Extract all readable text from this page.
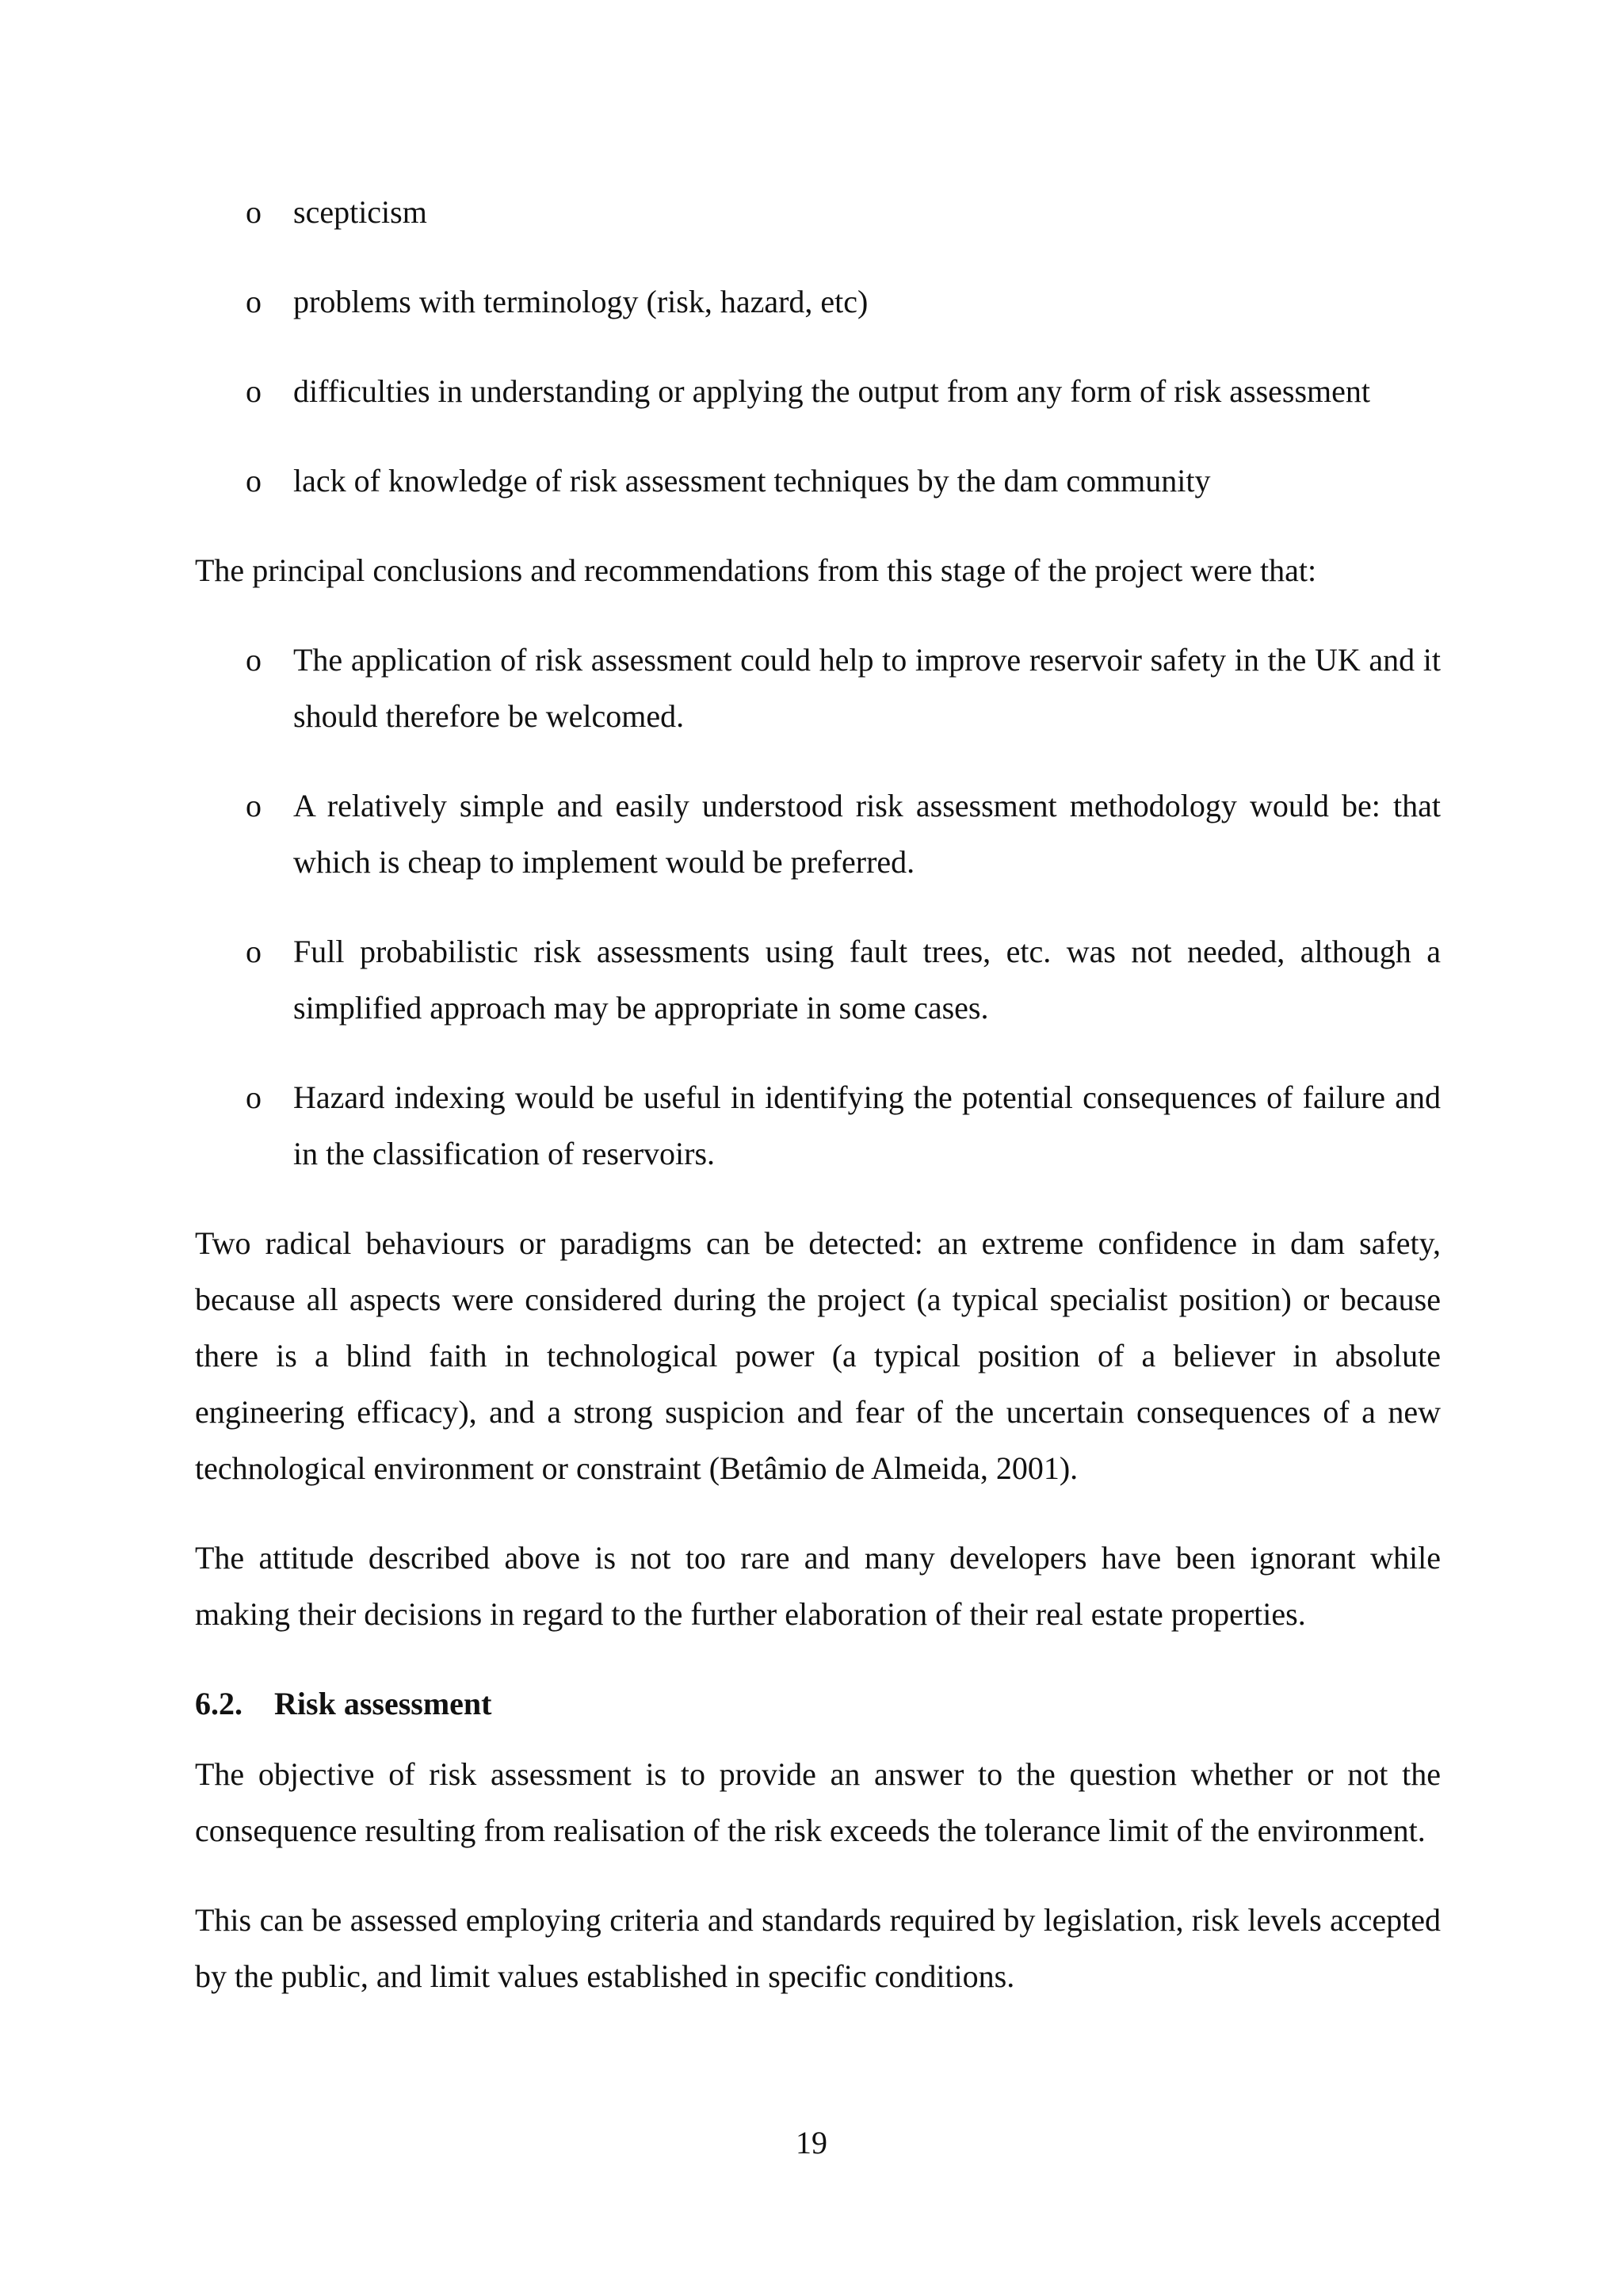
o scepticism
o problems with terminology (risk, hazard, etc)
o difficulties in understanding or applying the output from any form of risk assessment
o lack of knowledge of risk assessment techniques by the dam community

The principal conclusions and recommendations from this stage of the project were that:

o The application of risk assessment could help to improve reservoir safety in the UK and it should therefore be welcomed.
o A relatively simple and easily understood risk assessment methodology would be: that which is cheap to implement would be preferred.
o Full probabilistic risk assessments using fault trees, etc. was not needed, although a simplified approach may be appropriate in some cases.
o Hazard indexing would be useful in identifying the potential consequences of failure and in the classification of reservoirs.

Two radical behaviours or paradigms can be detected: an extreme confidence in dam safety, because all aspects were considered during the project (a typical specialist position) or because there is a blind faith in technological power (a typical position of a believer in absolute engineering efficacy), and a strong suspicion and fear of the uncertain consequences of a new technological environment or constraint (Betâmio de Almeida, 2001).

The attitude described above is not too rare and many developers have been ignorant while making their decisions in regard to the further elaboration of their real estate properties.

6.2. Risk assessment

The objective of risk assessment is to provide an answer to the question whether or not the consequence resulting from realisation of the risk exceeds the tolerance limit of the environment.

This can be assessed employing criteria and standards required by legislation, risk levels accepted by the public, and limit values established in specific conditions.

19
